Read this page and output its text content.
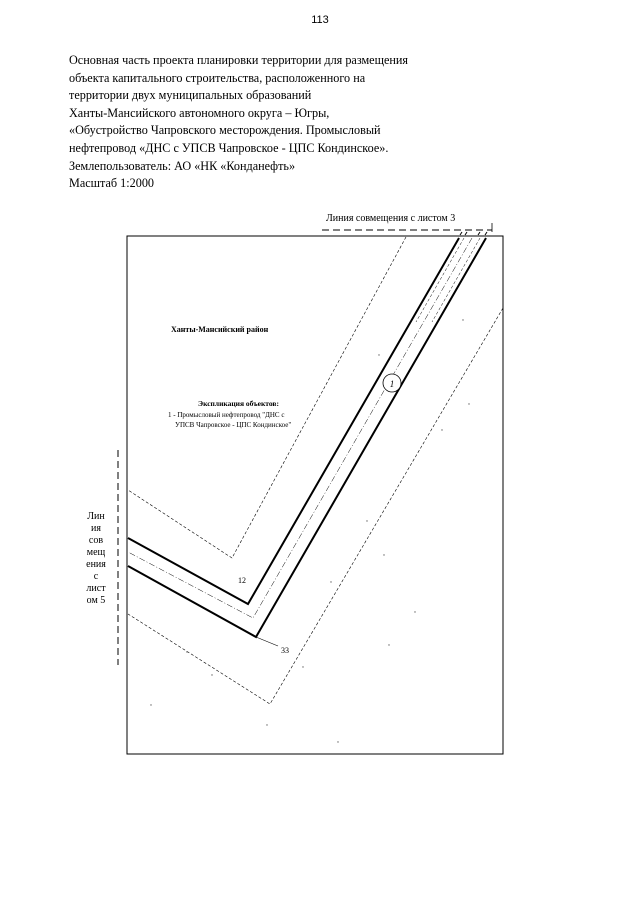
113
Основная часть проекта планировки территории для размещения
объекта капитального строительства, расположенного на
территории двух муниципальных образований
Ханты-Мансийского автономного округа – Югры,
«Обустройство Чапровского месторождения. Промысловый
нефтепровод «ДНС с УПСВ Чапровское - ЦПС Кондинское».
Землепользователь: АО «НК «Конданефть»
Масштаб 1:2000
Линия совмещения с листом 3
Лин
ия
сов
мещ
ения
с
лист
ом 5
12
33
1
Ханты-Мансийский район
Экспликация объектов:
1 - Промысловый нефтепровод "ДНС с
УПСВ Чапровское - ЦПС Кондинское"
